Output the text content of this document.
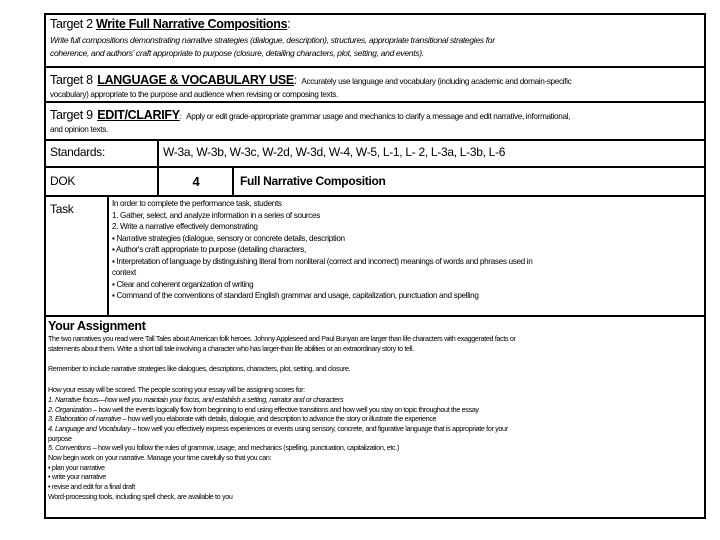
Target 2 Write Full Narrative Compositions:
Write full compositions demonstrating narrative strategies (dialogue, description), structures, appropriate transitional strategies for
coherence, and authors' craft appropriate to purpose (closure, detailing characters, plot, setting, and events).
Target 8 LANGUAGE & VOCABULARY USE: Accurately use language and vocabulary (including academic and domain-specific
vocabulary) appropriate to the purpose and audience when revising or composing texts.
Target 9 EDIT/CLARIFY: Apply or edit grade-appropriate grammar usage and mechanics to clarify a message and edit narrative, informational,
and opinion texts.
Standards:	W-3a, W-3b, W-3c, W-2d, W-3d, W-4, W-5, L-1, L- 2, L-3a, L-3b, L-6
DOK	4	Full Narrative Composition
Task	In order to complete the performance task, students
1. Gather, select, and analyze information in a series of sources
2. Write a narrative effectively demonstrating
▪ Narrative strategies (dialogue, sensory or concrete details, description
▪ Author's craft appropriate to purpose (detailing characters,
▪ Interpretation of language by distinguishing literal from nonliteral (correct and incorrect) meanings of words and phrases used in
context
▪ Clear and coherent organization of writing
▪ Command of the conventions of standard English grammar and usage, capitalization, punctuation and spelling
Your Assignment
The two narratives you read were Tall Tales about American folk heroes. Johnny Appleseed and Paul Bunyan are larger than life characters with exaggerated facts or
statements about them. Write a short tall tale involving a character who has larger-than life abilities or an extraordinary story to tell.
Remember to include narrative strategies like dialogues, descriptions, characters, plot, setting, and closure.
How your essay will be scored. The people scoring your essay will be assigning scores for:
1. Narrative focus—how well you maintain your focus, and establish a setting, narrator and or characters
2. Organization – how well the events logically flow from beginning to end using effective transitions and how well you stay on topic throughout the essay
3. Elaboration of narrative – how well you elaborate with details, dialogue, and description to advance the story or illustrate the experience
4. Language and Vocabulary – how well you effectively express experiences or events using sensory, concrete, and figurative language that is appropriate for your
purpose
5. Conventions – how well you follow the rules of grammar, usage, and mechanics (spelling, punctuation, capitalization, etc.)
Now begin work on your narrative. Manage your time carefully so that you can:
• plan your narrative
• write your narrative
• revise and edit for a final draft
Word-processing tools, including spell check, are available to you
